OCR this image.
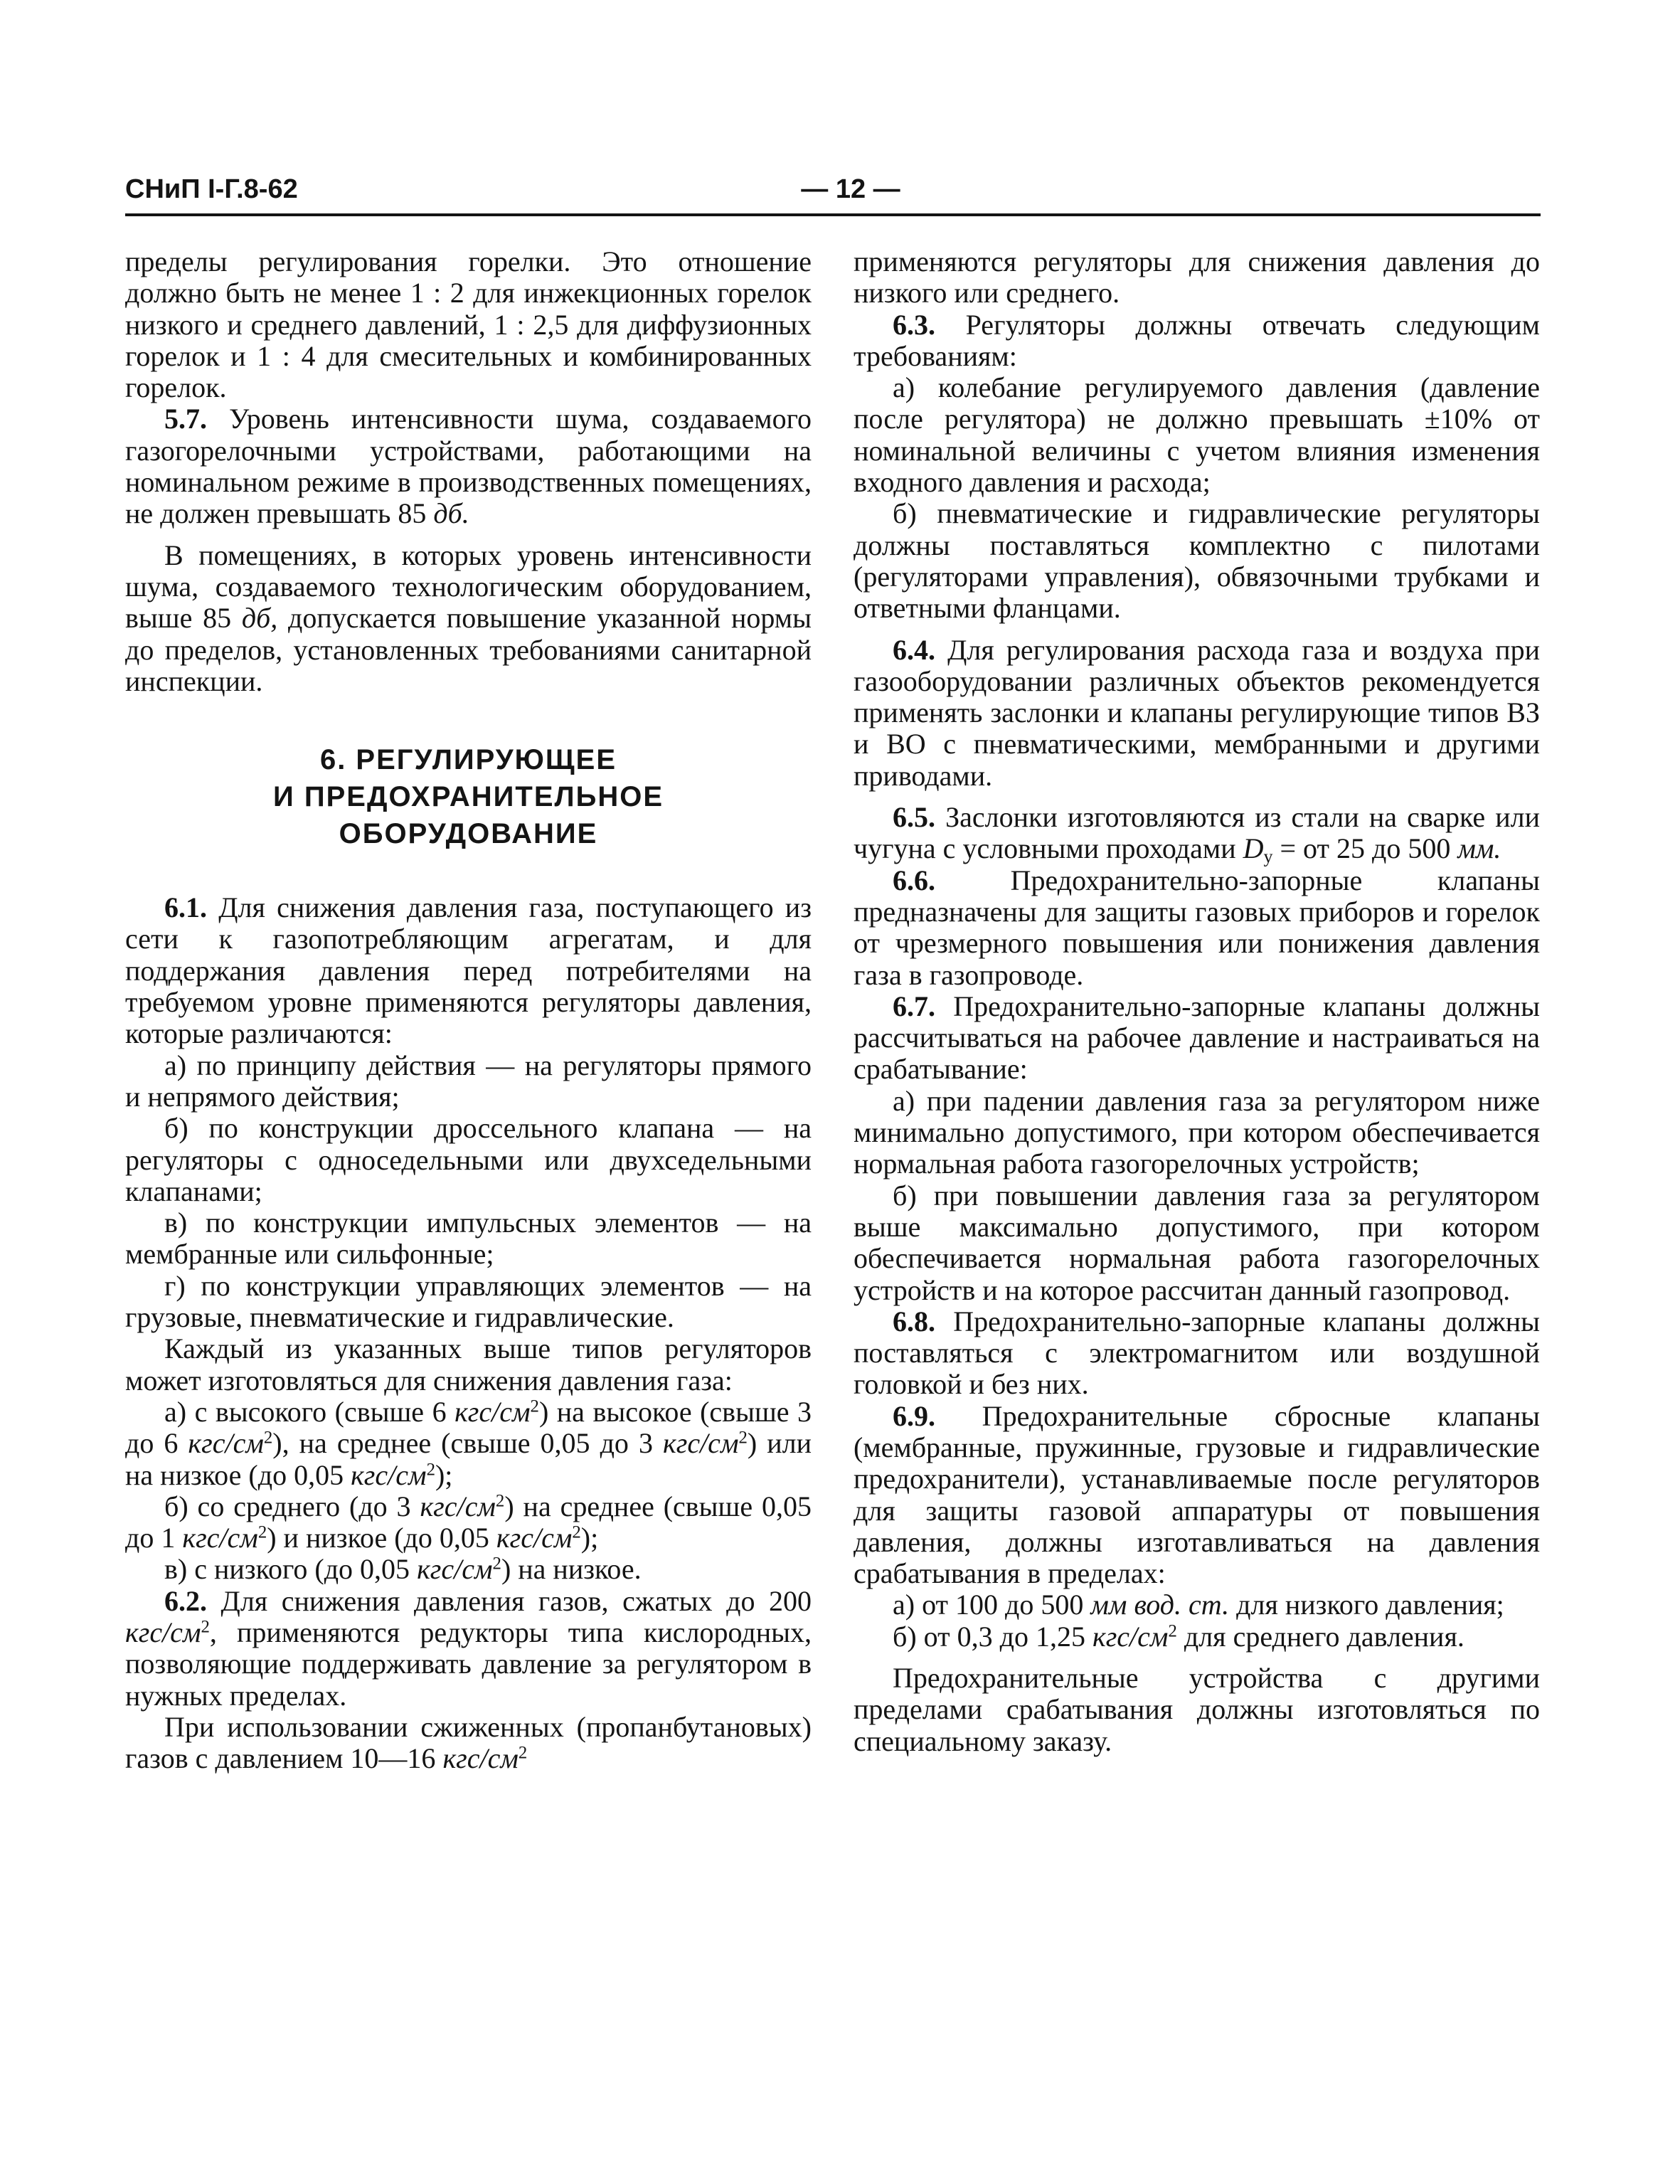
СНиП I-Г.8-62	— 12 —

пределы регулирования горелки. Это отношение должно быть не менее 1 : 2 для инжекционных горелок низкого и среднего давлений, 1 : 2,5 для диффузионных горелок и 1 : 4 для смесительных и комбинированных горелок.

5.7. Уровень интенсивности шума, создаваемого газогорелочными устройствами, работающими на номинальном режиме в производственных помещениях, не должен превышать 85 дб.

В помещениях, в которых уровень интенсивности шума, создаваемого технологическим оборудованием, выше 85 дб, допускается повышение указанной нормы до пределов, установленных требованиями санитарной инспекции.

6. РЕГУЛИРУЮЩЕЕ
И ПРЕДОХРАНИТЕЛЬНОЕ
ОБОРУДОВАНИЕ

6.1. Для снижения давления газа, поступающего из сети к газопотребляющим агрегатам, и для поддержания давления перед потребителями на требуемом уровне применяются регуляторы давления, которые различаются:

а) по принципу действия — на регуляторы прямого и непрямого действия;

б) по конструкции дроссельного клапана — на регуляторы с односедельными или двухседельными клапанами;

в) по конструкции импульсных элементов — на мембранные или сильфонные;

г) по конструкции управляющих элементов — на грузовые, пневматические и гидравлические.

Каждый из указанных выше типов регуляторов может изготовляться для снижения давления газа:

а) с высокого (свыше 6 кгс/$см^2$) на высокое (свыше 3 до 6 кгс/$см^2$), на среднее (свыше 0,05 до 3 кгс/$см^2$) или на низкое (до 0,05 кгс/$см^2$);

б) со среднего (до 3 кгс/$см^2$) на среднее (свыше 0,05 до 1 кгс/$см^2$) и низкое (до 0,05 кгс/$см^2$);

в) с низкого (до 0,05 кгс/$см^2$) на низкое.

6.2. Для снижения давления газов, сжатых до 200 кгс/$см^2$, применяются редукторы типа кислородных, позволяющие поддерживать давление за регулятором в нужных пределах.

При использовании сжиженных (пропанбутановых) газов с давлением 10—16 кгс/$см^2$

применяются регуляторы для снижения давления до низкого или среднего.

6.3. Регуляторы должны отвечать следующим требованиям:

а) колебание регулируемого давления (давление после регулятора) не должно превышать ±10% от номинальной величины с учетом влияния изменения входного давления и расхода;

б) пневматические и гидравлические регуляторы должны поставляться комплектно с пилотами (регуляторами управления), обвязочными трубками и ответными фланцами.

6.4. Для регулирования расхода газа и воздуха при газооборудовании различных объектов рекомендуется применять заслонки и клапаны регулирующие типов ВЗ и ВО с пневматическими, мембранными и другими приводами.

6.5. Заслонки изготовляются из стали на сварке или чугуна с условными проходами $D_у$ = от 25 до 500 мм.

6.6. Предохранительно-запорные клапаны предназначены для защиты газовых приборов и горелок от чрезмерного повышения или понижения давления газа в газопроводе.

6.7. Предохранительно-запорные клапаны должны рассчитываться на рабочее давление и настраиваться на срабатывание:

а) при падении давления газа за регулятором ниже минимально допустимого, при котором обеспечивается нормальная работа газогорелочных устройств;

б) при повышении давления газа за регулятором выше максимально допустимого, при котором обеспечивается нормальная работа газогорелочных устройств и на которое рассчитан данный газопровод.

6.8. Предохранительно-запорные клапаны должны поставляться с электромагнитом или воздушной головкой и без них.

6.9. Предохранительные сбросные клапаны (мембранные, пружинные, грузовые и гидравлические предохранители), устанавливаемые после регуляторов для защиты газовой аппаратуры от повышения давления, должны изготавливаться на давления срабатывания в пределах:

а) от 100 до 500 мм вод. ст. для низкого давления;

б) от 0,3 до 1,25 кгс/$см^2$ для среднего давления.

Предохранительные устройства с другими пределами срабатывания должны изготовляться по специальному заказу.
